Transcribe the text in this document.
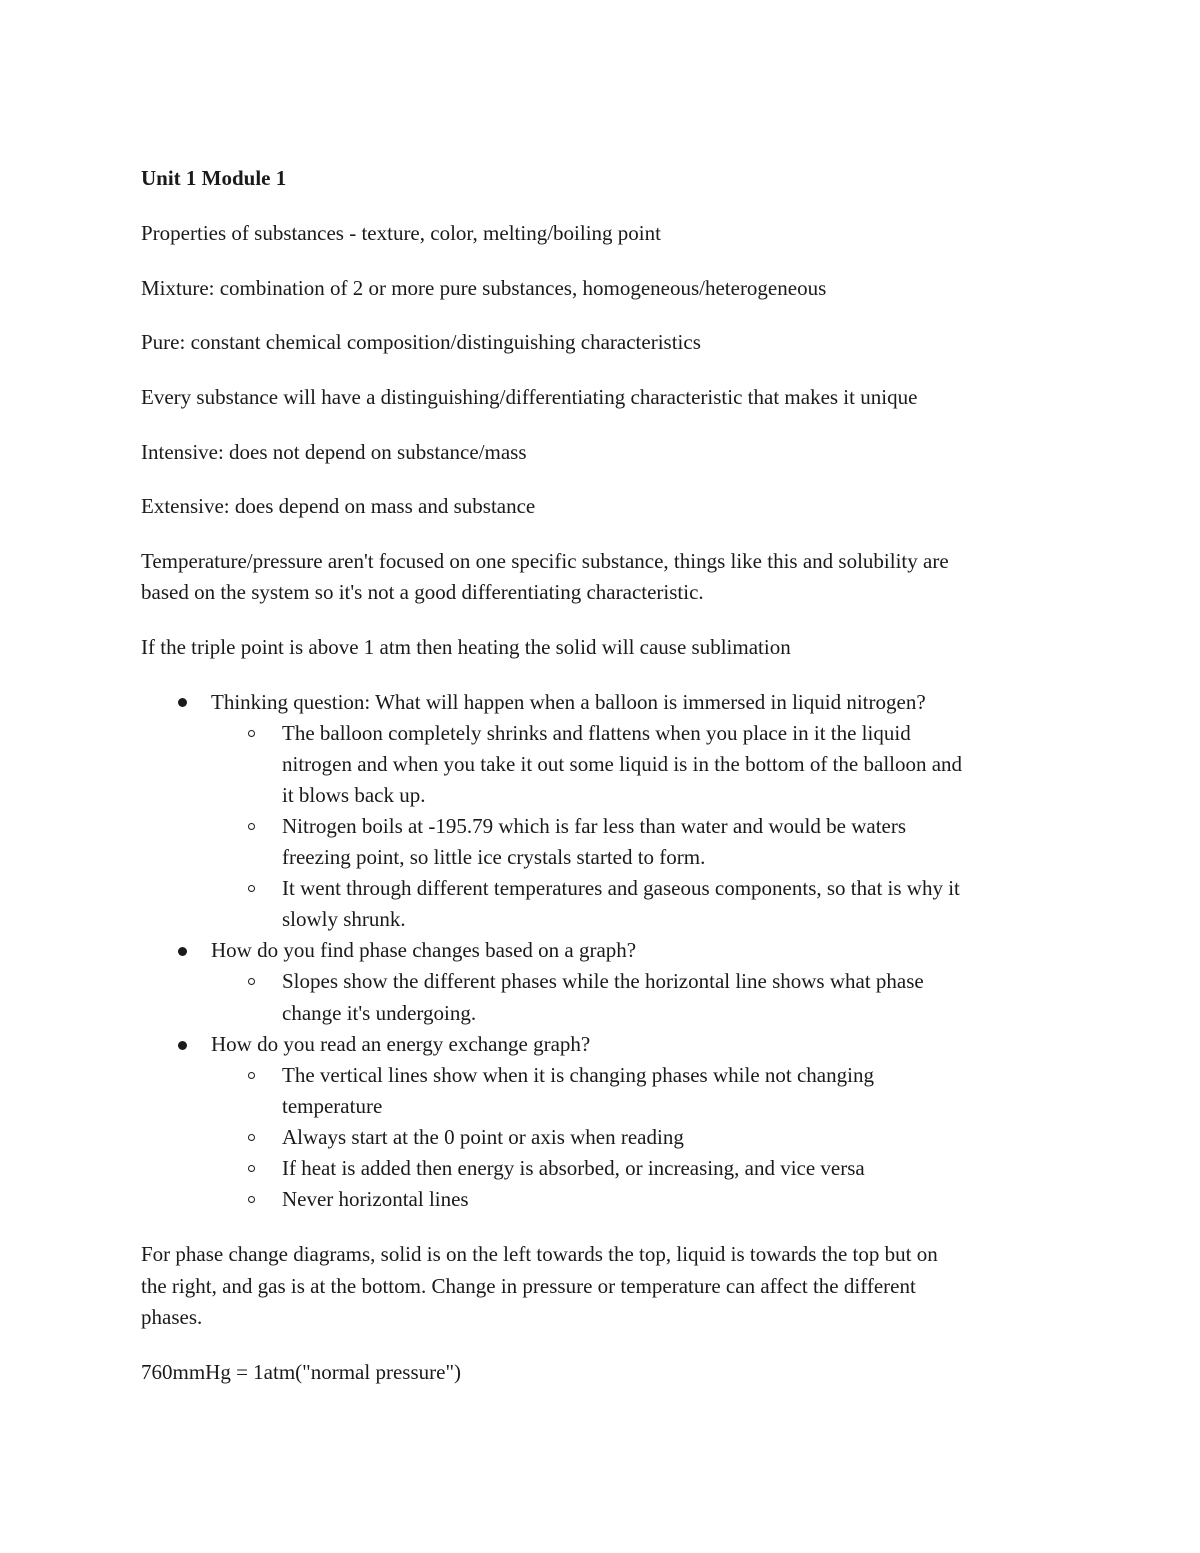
Unit 1 Module 1
Properties of substances - texture, color, melting/boiling point
Mixture: combination of 2 or more pure substances, homogeneous/heterogeneous
Pure: constant chemical composition/distinguishing characteristics
Every substance will have a distinguishing/differentiating characteristic that makes it unique
Intensive: does not depend on substance/mass
Extensive: does depend on mass and substance
Temperature/pressure aren't focused on one specific substance, things like this and solubility are
based on the system so it's not a good differentiating characteristic.
If the triple point is above 1 atm then heating the solid will cause sublimation
Thinking question: What will happen when a balloon is immersed in liquid nitrogen?
The balloon completely shrinks and flattens when you place in it the liquid
nitrogen and when you take it out some liquid is in the bottom of the balloon and
it blows back up.
Nitrogen boils at -195.79 which is far less than water and would be waters
freezing point, so little ice crystals started to form.
It went through different temperatures and gaseous components, so that is why it
slowly shrunk.
How do you find phase changes based on a graph?
Slopes show the different phases while the horizontal line shows what phase
change it's undergoing.
How do you read an energy exchange graph?
The vertical lines show when it is changing phases while not changing
temperature
Always start at the 0 point or axis when reading
If heat is added then energy is absorbed, or increasing, and vice versa
Never horizontal lines
For phase change diagrams, solid is on the left towards the top, liquid is towards the top but on
the right, and gas is at the bottom. Change in pressure or temperature can affect the different
phases.
760mmHg = 1atm("normal pressure")
